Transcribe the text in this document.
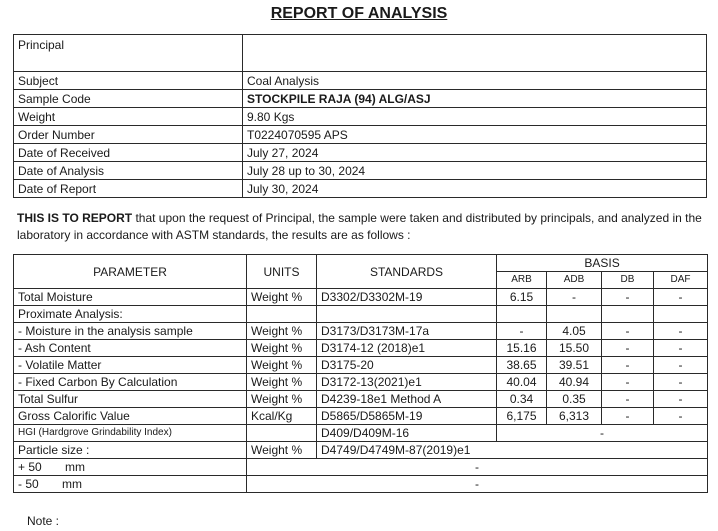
REPORT OF ANALYSIS
Principal	
Subject	Coal Analysis
Sample Code	STOCKPILE RAJA (94) ALG/ASJ
Weight	9.80 Kgs
Order Number	T0224070595 APS
Date of Received	July 27, 2024
Date of Analysis	July 28 up to 30, 2024
Date of Report	July 30, 2024
THIS IS TO REPORT that upon the request of Principal, the sample were taken and distributed by principals, and analyzed in the laboratory in accordance with ASTM standards, the results are as follows :
PARAMETER	UNITS	STANDARDS	BASIS			
			ARB	ADB	DB	DAF
Total Moisture	Weight %	D3302/D3302M-19	6.15	-	-	-
Proximate Analysis:						
- Moisture in the analysis sample	Weight %	D3173/D3173M-17a	-	4.05	-	-
- Ash Content	Weight %	D3174-12 (2018)e1	15.16	15.50	-	-
- Volatile Matter	Weight %	D3175-20	38.65	39.51	-	-
- Fixed Carbon By Calculation	Weight %	D3172-13(2021)e1	40.04	40.94	-	-
Total Sulfur	Weight %	D4239-18e1 Method A	0.34	0.35	-	-
Gross Calorific Value	Kcal/Kg	D5865/D5865M-19	6,175	6,313	-	-
HGI (Hardgrove Grindability Index)		D409/D409M-16	-			
Particle size :	Weight %	D4749/D4749M-87(2019)e1				
+ 50       mm	-					
- 50       mm	-					
Note :
